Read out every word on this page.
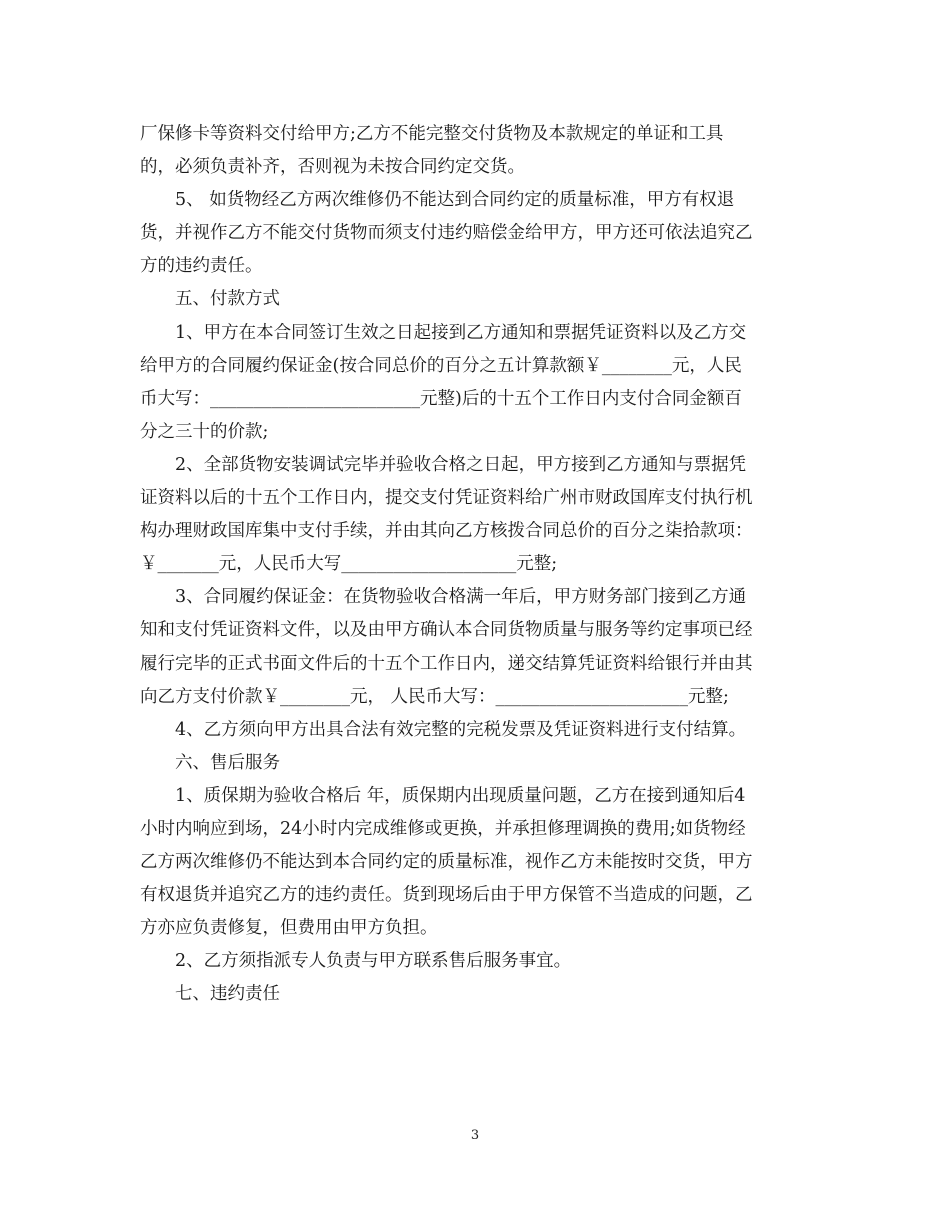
厂保修卡等资料交付给甲方;乙方不能完整交付货物及本款规定的单证和工具

的，必须负责补齐，否则视为未按合同约定交货。

5、 如货物经乙方两次维修仍不能达到合同约定的质量标准，甲方有权退

货，并视作乙方不能交付货物而须支付违约赔偿金给甲方，甲方还可依法追究乙

方的违约责任。

五、付款方式

1、甲方在本合同签订生效之日起接到乙方通知和票据凭证资料以及乙方交

给甲方的合同履约保证金(按合同总价的百分之五计算款额￥________元，人民

币大写：________________________元整)后的十五个工作日内支付合同金额百

分之三十的价款;

2、全部货物安装调试完毕并验收合格之日起，甲方接到乙方通知与票据凭

证资料以后的十五个工作日内，提交支付凭证资料给广州市财政国库支付执行机

构办理财政国库集中支付手续，并由其向乙方核拨合同总价的百分之柒拾款项：

￥_______元，人民币大写____________________元整;

3、合同履约保证金：在货物验收合格满一年后，甲方财务部门接到乙方通

知和支付凭证资料文件，以及由甲方确认本合同货物质量与服务等约定事项已经

履行完毕的正式书面文件后的十五个工作日内，递交结算凭证资料给银行并由其

向乙方支付价款￥________元， 人民币大写：______________________元整;

4、乙方须向甲方出具合法有效完整的完税发票及凭证资料进行支付结算。

六、售后服务

1、质保期为验收合格后 年，质保期内出现质量问题，乙方在接到通知后4

小时内响应到场，24小时内完成维修或更换，并承担修理调换的费用;如货物经

乙方两次维修仍不能达到本合同约定的质量标准，视作乙方未能按时交货，甲方

有权退货并追究乙方的违约责任。货到现场后由于甲方保管不当造成的问题，乙

方亦应负责修复，但费用由甲方负担。

2、乙方须指派专人负责与甲方联系售后服务事宜。

七、违约责任

3
